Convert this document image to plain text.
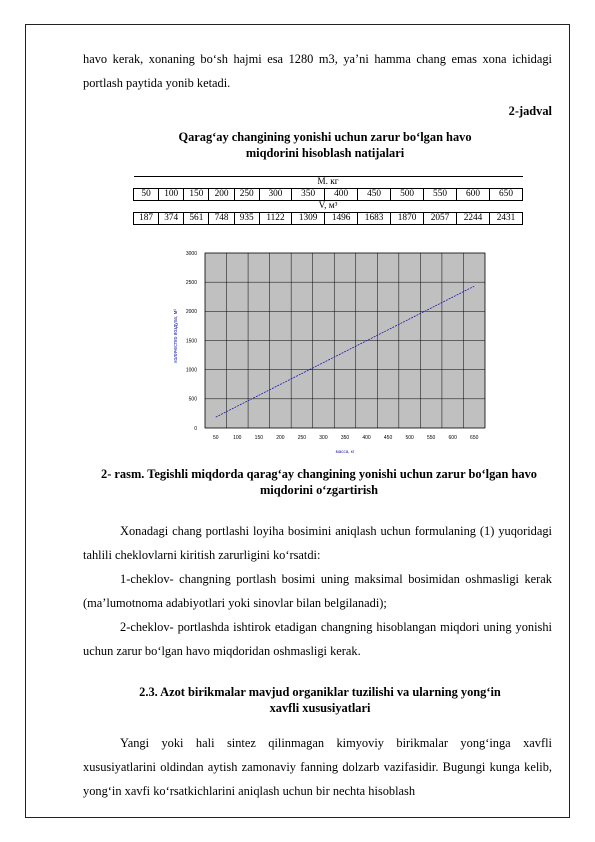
havo kerak, xonaning bo‘sh hajmi esa 1280 m3, ya’ni hamma chang emas xona ichidagi portlash paytida yonib ketadi.

2-jadval
Qarag‘ay changining yonishi uchun zarur bo‘lgan havo miqdorini hisoblash natijalari
M. кг												
50	100	150	200	250	300	350	400	450	500	550	600	650
V, м³												
187	374	561	748	935	1122	1309	1496	1683	1870	2057	2244	2431
0
500
1000
1500
2000
2500
3000
50	100	150	200	250	300	350	400	450	500	550	600	650
количество воздуха, м³
масса, кг
2- rasm. Tegishli miqdorda qarag‘ay changining yonishi uchun zarur bo‘lgan havo miqdorini o‘zgartirish

Xonadagi chang portlashi loyiha bosimini aniqlash uchun formulaning (1) yuqoridagi tahlili cheklovlarni kiritish zarurligini ko‘rsatdi:

1-cheklov- changning portlash bosimi uning maksimal bosimidan oshmasligi kerak (ma’lumotnoma adabiyotlari yoki sinovlar bilan belgilanadi);

2-cheklov- portlashda ishtirok etadigan changning hisoblangan miqdori uning yonishi uchun zarur bo‘lgan havo miqdoridan oshmasligi kerak.

2.3. Azot birikmalar mavjud organiklar tuzilishi va ularning yong‘in xavfli xususiyatlari

Yangi yoki hali sintez qilinmagan kimyoviy birikmalar yong‘inga xavfli xususiyatlarini oldindan aytish zamonaviy fanning dolzarb vazifasidir. Bugungi kunga kelib, yong‘in xavfi ko‘rsatkichlarini aniqlash uchun bir nechta hisoblash
